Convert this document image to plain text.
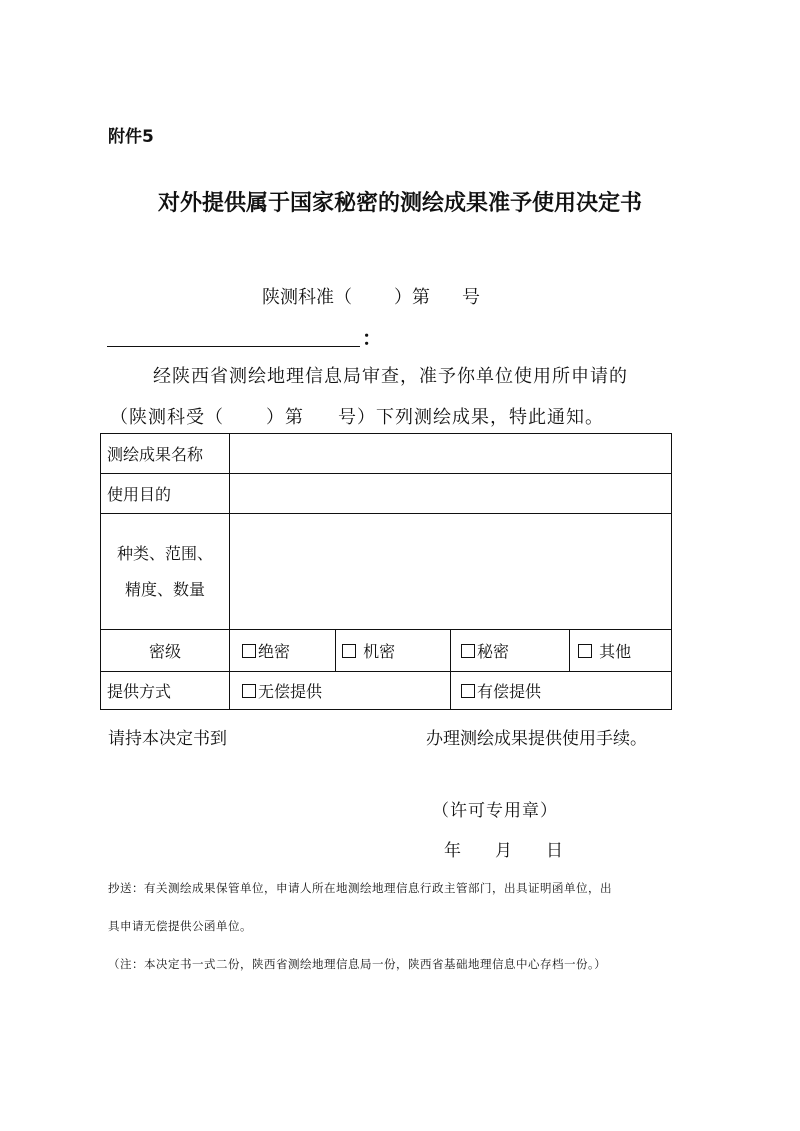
附件5
对外提供属于国家秘密的测绘成果准予使用决定书
陕测科准（ ）第 号
：
经陕西省测绘地理信息局审查，准予你单位使用所申请的
（陕测科受（ ）第 号）下列测绘成果，特此通知。
测绘成果名称				
使用目的				

种类、范围、
精度、数量				

密级	绝密	机密	秘密	其他
提供方式	无偿提供		有偿提供	
请持本决定书到	办理测绘成果提供使用手续。
（许可专用章）
年 月 日
抄送：有关测绘成果保管单位，申请人所在地测绘地理信息行政主管部门，出具证明函单位，出
具申请无偿提供公函单位。
（注：本决定书一式二份，陕西省测绘地理信息局一份，陕西省基础地理信息中心存档一份。）
